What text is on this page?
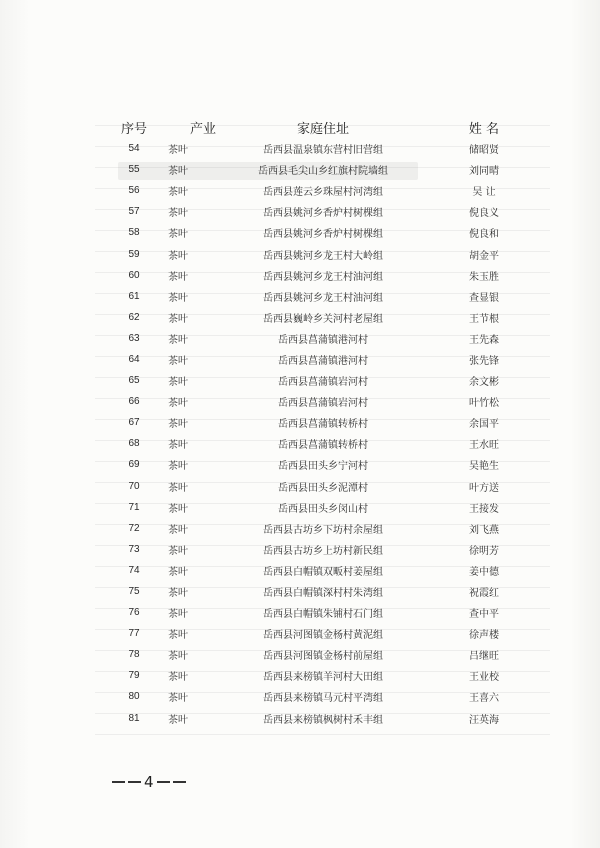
序号	产业	家庭住址	姓 名
54	茶叶	岳西县温泉镇东营村旧营组	储昭贤
55	茶叶	岳西县毛尖山乡红旗村院墙组	刘同晴
56	茶叶	岳西县莲云乡珠屋村河湾组	吴 让
57	茶叶	岳西县姚河乡香炉村树棵组	倪良义
58	茶叶	岳西县姚河乡香炉村树棵组	倪良和
59	茶叶	岳西县姚河乡龙王村大岭组	胡金平
60	茶叶	岳西县姚河乡龙王村油河组	朱玉胜
61	茶叶	岳西县姚河乡龙王村油河组	查显银
62	茶叶	岳西县巍岭乡关河村老屋组	王节根
63	茶叶	岳西县菖蒲镇港河村	王先森
64	茶叶	岳西县菖蒲镇港河村	张先锋
65	茶叶	岳西县菖蒲镇岩河村	余文彬
66	茶叶	岳西县菖蒲镇岩河村	叶竹松
67	茶叶	岳西县菖蒲镇转桥村	余国平
68	茶叶	岳西县菖蒲镇转桥村	王水旺
69	茶叶	岳西县田头乡宁河村	吴艳生
70	茶叶	岳西县田头乡泥潭村	叶方送
71	茶叶	岳西县田头乡闵山村	王接发
72	茶叶	岳西县古坊乡下坊村余屋组	刘飞燕
73	茶叶	岳西县古坊乡上坊村新民组	徐明芳
74	茶叶	岳西县白帽镇双畈村姜屋组	姜中德
75	茶叶	岳西县白帽镇深村村朱湾组	祝霞红
76	茶叶	岳西县白帽镇朱铺村石门组	查中平
77	茶叶	岳西县河图镇金杨村黄泥组	徐声楼
78	茶叶	岳西县河图镇金杨村前屋组	吕继旺
79	茶叶	岳西县来榜镇羊河村大田组	王业校
80	茶叶	岳西县来榜镇马元村平湾组	王喜六
81	茶叶	岳西县来榜镇枫树村禾丰组	汪英海
4
